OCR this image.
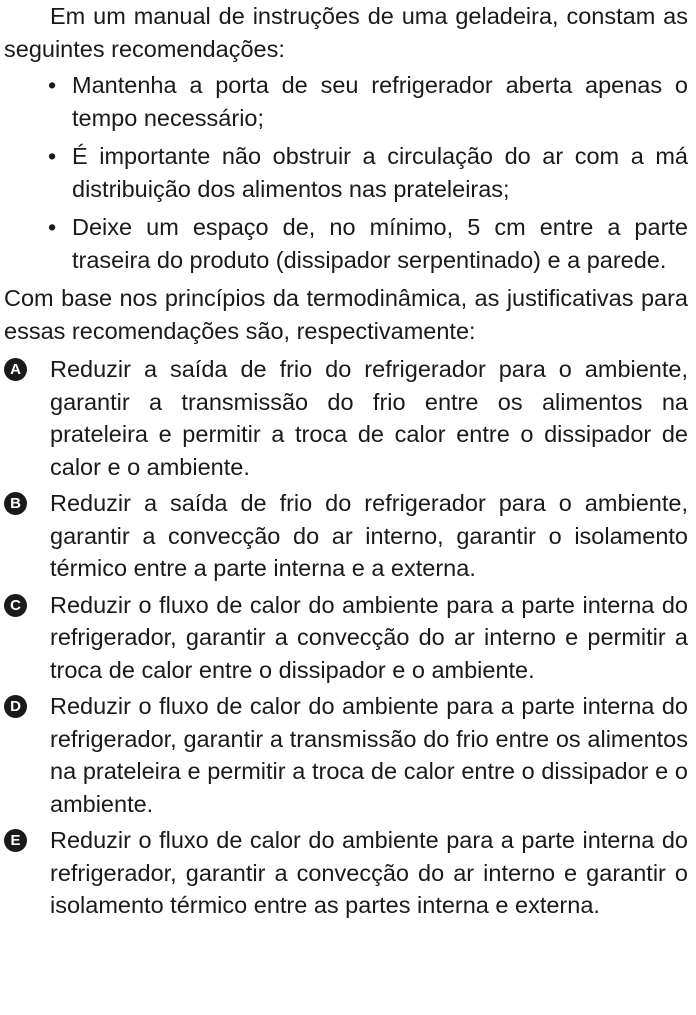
Em um manual de instruções de uma geladeira, constam as seguintes recomendações:

• Mantenha a porta de seu refrigerador aberta apenas o tempo necessário;
• É importante não obstruir a circulação do ar com a má distribuição dos alimentos nas prateleiras;
• Deixe um espaço de, no mínimo, 5 cm entre a parte traseira do produto (dissipador serpentinado) e a parede.

Com base nos princípios da termodinâmica, as justificativas para essas recomendações são, respectivamente:

A Reduzir a saída de frio do refrigerador para o ambiente, garantir a transmissão do frio entre os alimentos na prateleira e permitir a troca de calor entre o dissipador de calor e o ambiente.
B Reduzir a saída de frio do refrigerador para o ambiente, garantir a convecção do ar interno, garantir o isolamento térmico entre a parte interna e a externa.
C Reduzir o fluxo de calor do ambiente para a parte interna do refrigerador, garantir a convecção do ar interno e permitir a troca de calor entre o dissipador e o ambiente.
D Reduzir o fluxo de calor do ambiente para a parte interna do refrigerador, garantir a transmissão do frio entre os alimentos na prateleira e permitir a troca de calor entre o dissipador e o ambiente.
E Reduzir o fluxo de calor do ambiente para a parte interna do refrigerador, garantir a convecção do ar interno e garantir o isolamento térmico entre as partes interna e externa.
